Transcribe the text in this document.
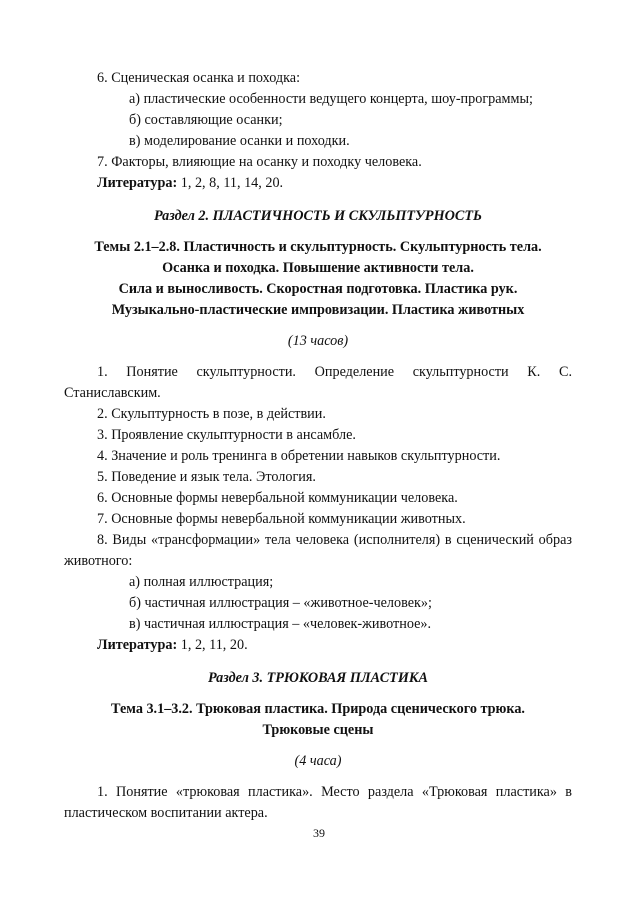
6. Сценическая осанка и походка:
а) пластические особенности ведущего концерта, шоу-программы;
б) составляющие осанки;
в) моделирование осанки и походки.
7. Факторы, влияющие на осанку и походку человека.
Литература: 1, 2, 8, 11, 14, 20.
Раздел 2. ПЛАСТИЧНОСТЬ И СКУЛЬПТУРНОСТЬ
Темы 2.1–2.8. Пластичность и скульптурность. Скульптурность тела.
Осанка и походка. Повышение активности тела.
Сила и выносливость. Скоростная подготовка. Пластика рук.
Музыкально-пластические импровизации. Пластика животных
(13 часов)
1. Понятие скульптурности. Определение скульптурности К. С. Станиславским.
2. Скульптурность в позе, в действии.
3. Проявление скульптурности в ансамбле.
4. Значение и роль тренинга в обретении навыков скульптурности.
5. Поведение и язык тела. Этология.
6. Основные формы невербальной коммуникации человека.
7. Основные формы невербальной коммуникации животных.
8. Виды «трансформации» тела человека (исполнителя) в сценический образ животного:
а) полная иллюстрация;
б) частичная иллюстрация – «животное-человек»;
в) частичная иллюстрация – «человек-животное».
Литература: 1, 2, 11, 20.
Раздел 3. ТРЮКОВАЯ ПЛАСТИКА
Тема 3.1–3.2. Трюковая пластика. Природа сценического трюка.
Трюковые сцены
(4 часа)
1. Понятие «трюковая пластика». Место раздела «Трюковая пластика» в пластическом воспитании актера.
39
